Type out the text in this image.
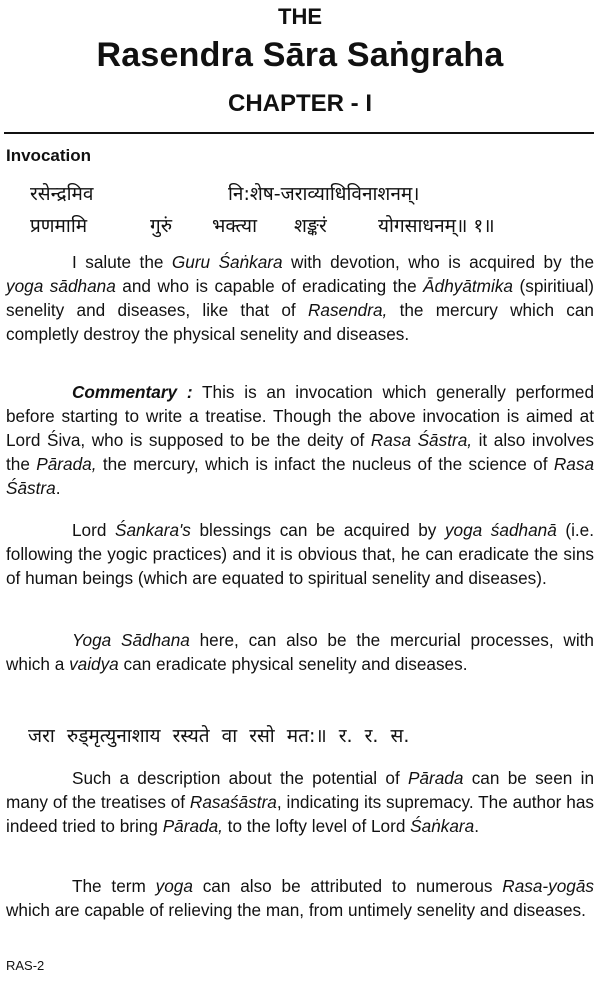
THE
Rasendra Sāra Saṅgraha
CHAPTER - I
Invocation
रसेन्द्रमिव	नि:शेष-जराव्याधिविनाशनम्।
प्रणमामि	गुरुं भक्त्या शङ्करं	योगसाधनम्॥ १॥

I salute the Guru Śaṅkara with devotion, who is acquired by the yoga sādhana and who is capable of eradicating the Ādhyātmika (spiritiual) senelity and diseases, like that of Rasendra, the mercury which can completly destroy the physical senelity and diseases.

Commentary : This is an invocation which generally performed before starting to write a treatise. Though the above invocation is aimed at Lord Śiva, who is supposed to be the deity of Rasa Śāstra, it also involves the Pārada, the mercury, which is infact the nucleus of the science of Rasa Śāstra.

Lord Śankara's blessings can be acquired by yoga śadhanā (i.e. following the yogic practices) and it is obvious that, he can eradicate the sins of human beings (which are equated to spiritual senelity and diseases).

Yoga Sādhana here, can also be the mercurial processes, with which a vaidya can eradicate physical senelity and diseases.

जरा रुड्मृत्युनाशाय रस्यते वा रसो मत:॥ र. र. स.

Such a description about the potential of Pārada can be seen in many of the treatises of Rasaśāstra, indicating its supremacy. The author has indeed tried to bring Pārada, to the lofty level of Lord Śaṅkara.

The term yoga can also be attributed to numerous Rasa-yogās which are capable of relieving the man, from untimely senelity and diseases.

RAS-2
